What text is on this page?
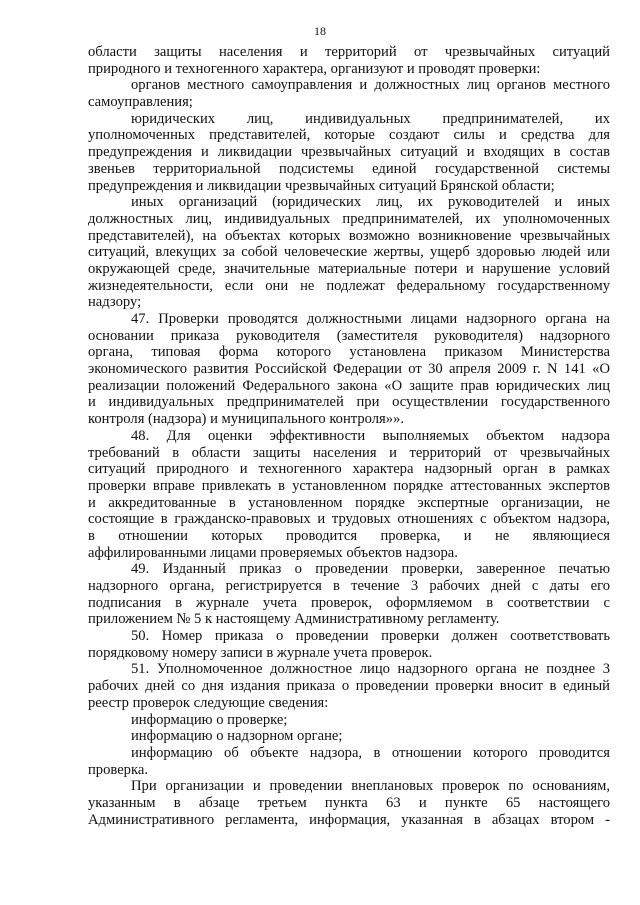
18
области защиты населения и территорий от чрезвычайных ситуаций
природного и техногенного характера, организуют и проводят проверки:
органов местного самоуправления и должностных лиц органов местного
самоуправления;
юридических лиц, индивидуальных предпринимателей, их
уполномоченных представителей, которые создают силы и средства для
предупреждения и ликвидации чрезвычайных ситуаций и входящих в состав
звеньев территориальной подсистемы единой государственной системы
предупреждения и ликвидации чрезвычайных ситуаций Брянской области;
иных организаций (юридических лиц, их руководителей и иных
должностных лиц, индивидуальных предпринимателей, их уполномоченных
представителей), на объектах которых возможно возникновение чрезвычайных
ситуаций, влекущих за собой человеческие жертвы, ущерб здоровью людей или
окружающей среде, значительные материальные потери и нарушение условий
жизнедеятельности, если они не подлежат федеральному государственному
надзору;
47. Проверки проводятся должностными лицами надзорного органа на
основании приказа руководителя (заместителя руководителя) надзорного
органа, типовая форма которого установлена приказом Министерства
экономического развития Российской Федерации от 30 апреля 2009 г. N 141 «О
реализации положений Федерального закона «О защите прав юридических лиц
и индивидуальных предпринимателей при осуществлении государственного
контроля (надзора) и муниципального контроля»».
48. Для оценки эффективности выполняемых объектом надзора
требований в области защиты населения и территорий от чрезвычайных
ситуаций природного и техногенного характера надзорный орган в рамках
проверки вправе привлекать в установленном порядке аттестованных экспертов
и аккредитованные в установленном порядке экспертные организации, не
состоящие в гражданско-правовых и трудовых отношениях с объектом надзора,
в отношении которых проводится проверка, и не являющиеся
аффилированными лицами проверяемых объектов надзора.
49. Изданный приказ о проведении проверки, заверенное печатью
надзорного органа, регистрируется в течение 3 рабочих дней с даты его
подписания в журнале учета проверок, оформляемом в соответствии с
приложением № 5 к настоящему Административному регламенту.
50. Номер приказа о проведении проверки должен соответствовать
порядковому номеру записи в журнале учета проверок.
51. Уполномоченное должностное лицо надзорного органа не позднее 3
рабочих дней со дня издания приказа о проведении проверки вносит в единый
реестр проверок следующие сведения:
информацию о проверке;
информацию о надзорном органе;
информацию об объекте надзора, в отношении которого проводится
проверка.
При организации и проведении внеплановых проверок по основаниям,
указанным в абзаце третьем пункта 63 и пункте 65 настоящего
Административного регламента, информация, указанная в абзацах втором -
